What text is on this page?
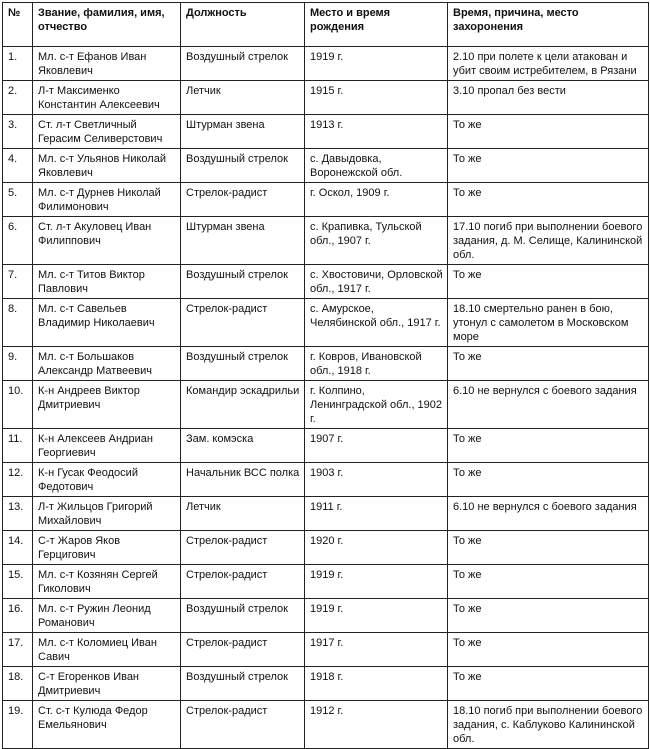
№	Звание, фамилия, имя, отчество	Должность	Место и время рождения	Время, причина, место захоронения
1.	Мл. с-т Ефанов Иван Яковлевич	Воздушный стрелок	1919 г.	2.10 при полете к цели атакован и убит своим истребителем, в Рязани
2.	Л-т Максименко Константин Алексеевич	Летчик	1915 г.	3.10 пропал без вести
3.	Ст. л-т Светличный Герасим Селиверстович	Штурман звена	1913 г.	То же
4.	Мл. с-т Ульянов Николай Яковлевич	Воздушный стрелок	с. Давыдовка, Воронежской обл.	То же
5.	Мл. с-т Дурнев Николай Филимонович	Стрелок-радист	г. Оскол, 1909 г.	То же
6.	Ст. л-т Акуловец Иван Филиппович	Штурман звена	с. Крапивка, Тульской обл., 1907 г.	17.10 погиб при выполнении боевого задания, д. М. Селище, Калининской обл.
7.	Мл. с-т Титов Виктор Павлович	Воздушный стрелок	с. Хвостовичи, Орловской обл., 1917 г.	То же
8.	Мл. с-т Савельев Владимир Николаевич	Стрелок-радист	с. Амурское, Челябинской обл., 1917 г.	18.10 смертельно ранен в бою, утонул с самолетом в Московском море
9.	Мл. с-т Большаков Александр Матвеевич	Воздушный стрелок	г. Ковров, Ивановской обл., 1918 г.	То же
10.	К-н Андреев Виктор Дмитриевич	Командир эскадрильи	г. Колпино, Ленинградской обл., 1902 г.	6.10 не вернулся с боевого задания
11.	К-н Алексеев Андриан Георгиевич	Зам. комэска	1907 г.	То же
12.	К-н Гусак Феодосий Федотович	Начальник ВСС полка	1903 г.	То же
13.	Л-т Жильцов Григорий Михайлович	Летчик	1911 г.	6.10 не вернулся с боевого задания
14.	С-т Жаров Яков Герцигович	Стрелок-радист	1920 г.	То же
15.	Мл. с-т Козянян Сергей Гиколович	Стрелок-радист	1919 г.	То же
16.	Мл. с-т Ружин Леонид Романович	Воздушный стрелок	1919 г.	То же
17.	Мл. с-т Коломиец Иван Савич	Стрелок-радист	1917 г.	То же
18.	С-т Егоренков Иван Дмитриевич	Воздушный стрелок	1918 г.	То же
19.	Ст. с-т Кулюда Федор Емельянович	Стрелок-радист	1912 г.	18.10 погиб при выполнении боевого задания, с. Каблуково Калининской обл.
